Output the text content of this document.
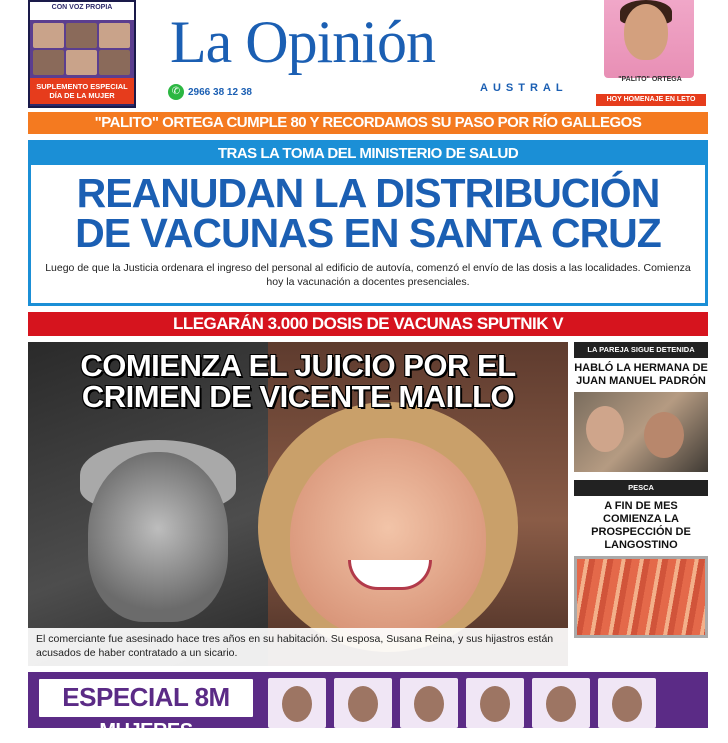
CON VOZ PROPIA
SUPLEMENTO ESPECIAL DÍA DE LA MUJER
La Opinión
AUSTRAL
✆ 2966 38 12 38
"PALITO" ORTEGA
HOY HOMENAJE EN LETO
"PALITO" ORTEGA CUMPLE 80 Y RECORDAMOS SU PASO POR RÍO GALLEGOS
TRAS LA TOMA DEL MINISTERIO DE SALUD
REANUDAN LA DISTRIBUCIÓN
DE VACUNAS EN SANTA CRUZ

Luego de que la Justicia ordenara el ingreso del personal al edificio de autovía, comenzó el envío de las dosis a las localidades. Comienza hoy la vacunación a docentes presenciales.

LLEGARÁN 3.000 DOSIS DE VACUNAS SPUTNIK V
COMIENZA EL JUICIO POR EL
CRIMEN DE VICENTE MAILLO
El comerciante fue asesinado hace tres años en su habitación. Su esposa, Susana Reina, y sus hijastros están acusados de haber contratado a un sicario.
LA PAREJA SIGUE DETENIDA
HABLÓ LA HERMANA DE JUAN MANUEL PADRÓN
PESCA
A FIN DE MES COMIENZA LA PROSPECCIÓN DE LANGOSTINO
ESPECIAL 8M
MUJERES
